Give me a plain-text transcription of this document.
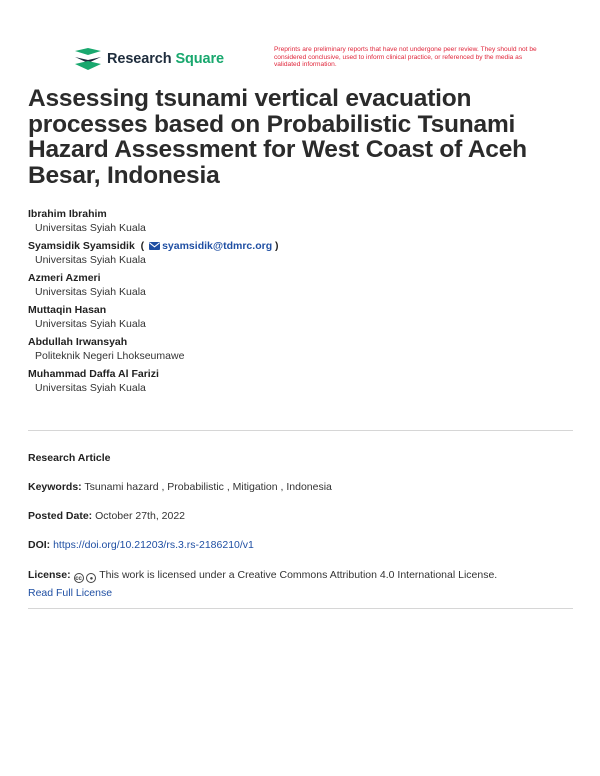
Research Square
Preprints are preliminary reports that have not undergone peer review. They should not be considered conclusive, used to inform clinical practice, or referenced by the media as validated information.
Assessing tsunami vertical evacuation processes based on Probabilistic Tsunami Hazard Assessment for West Coast of Aceh Besar, Indonesia
Ibrahim Ibrahim
Universitas Syiah Kuala
Syamsidik Syamsidik  ( syamsidik@tdmrc.org )
Universitas Syiah Kuala
Azmeri Azmeri
Universitas Syiah Kuala
Muttaqin Hasan
Universitas Syiah Kuala
Abdullah Irwansyah
Politeknik Negeri Lhokseumawe
Muhammad Daffa Al Farizi
Universitas Syiah Kuala
Research Article
Keywords: Tsunami hazard , Probabilistic , Mitigation , Indonesia
Posted Date: October 27th, 2022
DOI: https://doi.org/10.21203/rs.3.rs-2186210/v1
License: cc ● This work is licensed under a Creative Commons Attribution 4.0 International License.
Read Full License
